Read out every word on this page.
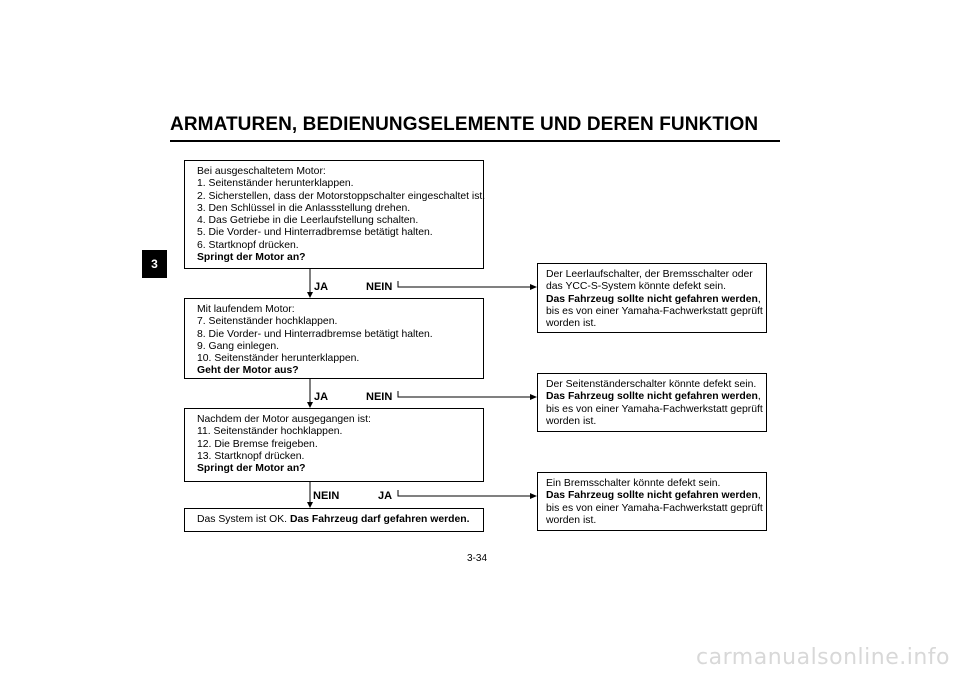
ARMATUREN, BEDIENUNGSELEMENTE UND DEREN FUNKTION
3
Bei ausgeschaltetem Motor:
1. Seitenständer herunterklappen.
2. Sicherstellen, dass der Motorstoppschalter eingeschaltet ist.
3. Den Schlüssel in die Anlassstellung drehen.
4. Das Getriebe in die Leerlaufstellung schalten.
5. Die Vorder- und Hinterradbremse betätigt halten.
6. Startknopf drücken.
Springt der Motor an?
Mit laufendem Motor:
7. Seitenständer hochklappen.
8. Die Vorder- und Hinterradbremse betätigt halten.
9. Gang einlegen.
10. Seitenständer herunterklappen.
Geht der Motor aus?
Nachdem der Motor ausgegangen ist:
11. Seitenständer hochklappen.
12. Die Bremse freigeben.
13. Startknopf drücken.
Springt der Motor an?
Das System ist OK. Das Fahrzeug darf gefahren werden.
JA	NEIN
JA	NEIN
NEIN	JA
Der Leerlaufschalter, der Bremsschalter oder
das YCC-S-System könnte defekt sein.
Das Fahrzeug sollte nicht gefahren werden,
bis es von einer Yamaha-Fachwerkstatt geprüft
worden ist.
Der Seitenständerschalter könnte defekt sein.
Das Fahrzeug sollte nicht gefahren werden,
bis es von einer Yamaha-Fachwerkstatt geprüft
worden ist.
Ein Bremsschalter könnte defekt sein.
Das Fahrzeug sollte nicht gefahren werden,
bis es von einer Yamaha-Fachwerkstatt geprüft
worden ist.
3-34
carmanualsonline.info
